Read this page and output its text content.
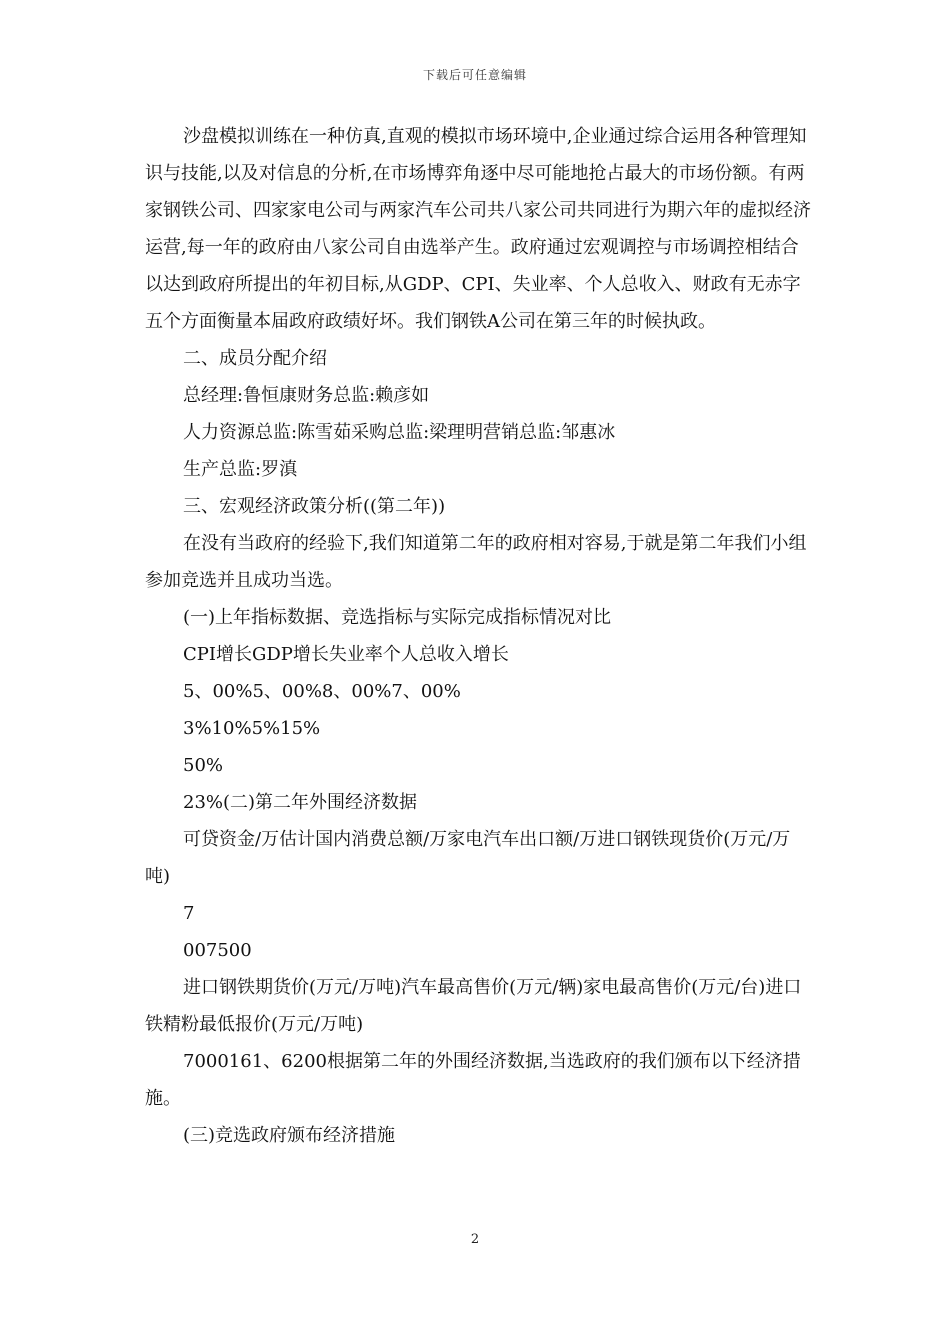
下载后可任意编辑

沙盘模拟训练在一种仿真,直观的模拟市场环境中,企业通过综合运用各种管理知识与技能,以及对信息的分析,在市场博弈角逐中尽可能地抢占最大的市场份额。有两家钢铁公司、四家家电公司与两家汽车公司共八家公司共同进行为期六年的虚拟经济运营,每一年的政府由八家公司自由选举产生。政府通过宏观调控与市场调控相结合以达到政府所提出的年初目标,从GDP、CPI、失业率、个人总收入、财政有无赤字五个方面衡量本届政府政绩好坏。我们钢铁A公司在第三年的时候执政。

二、成员分配介绍

总经理:鲁恒康财务总监:赖彦如

人力资源总监:陈雪茹采购总监:梁理明营销总监:邹惠冰

生产总监:罗滇

三、宏观经济政策分析((第二年))

在没有当政府的经验下,我们知道第二年的政府相对容易,于就是第二年我们小组参加竞选并且成功当选。

(一)上年指标数据、竞选指标与实际完成指标情况对比

CPI增长GDP增长失业率个人总收入增长

5、00%5、00%8、00%7、00%

3%10%5%15%

50%

23%(二)第二年外围经济数据

可贷资金/万估计国内消费总额/万家电汽车出口额/万进口钢铁现货价(万元/万吨)

7

007500

进口钢铁期货价(万元/万吨)汽车最高售价(万元/辆)家电最高售价(万元/台)进口铁精粉最低报价(万元/万吨)

7000161、6200根据第二年的外围经济数据,当选政府的我们颁布以下经济措施。

(三)竞选政府颁布经济措施

2
